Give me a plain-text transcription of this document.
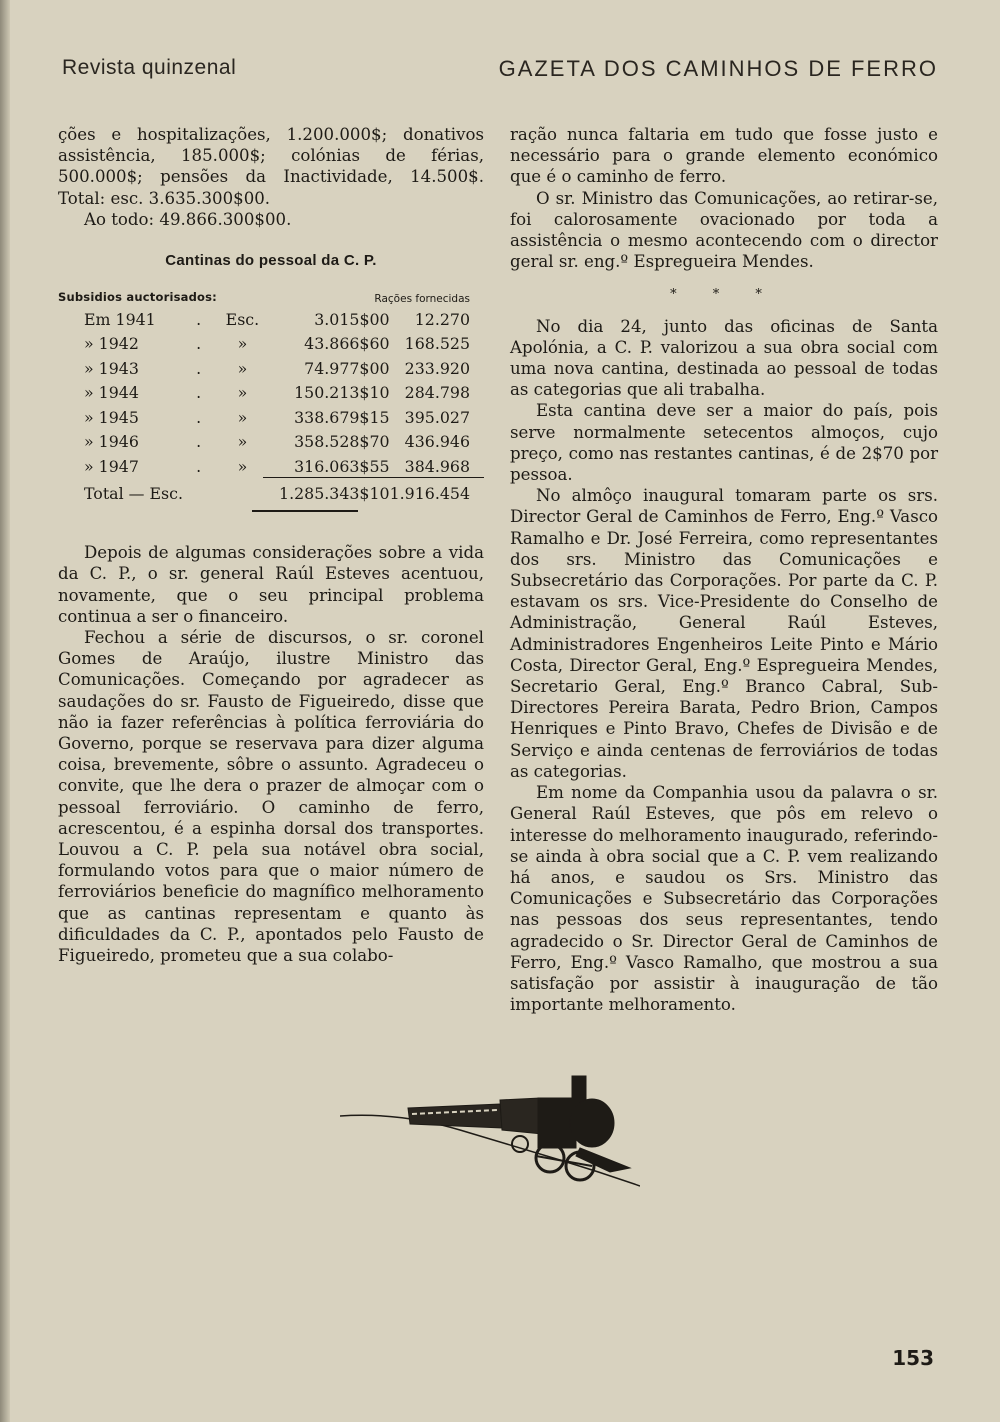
Revista quinzenal	GAZETA DOS CAMINHOS DE FERRO

ções e hospitalizações, 1.200.000$; donativos assistência, 185.000$; colónias de férias, 500.000$; pensões da Inactividade, 14.500$. Total: esc. 3.635.300$00.

Ao todo: 49.866.300$00.

Cantinas do pessoal da C. P.
Subsidios auctorisados:	Rações fornecidas
Em 1941	.	Esc.	3.015$00	12.270
» 1942	.	»	43.866$60	168.525
» 1943	.	»	74.977$00	233.920
» 1944	.	»	150.213$10	284.798
» 1945	.	»	338.679$15	395.027
» 1946	.	»	358.528$70	436.946
» 1947	.	»	316.063$55	384.968
Total — Esc.			1.285.343$10	1.916.454

Depois de algumas considerações sobre a vida da C. P., o sr. general Raúl Esteves acentuou, novamente, que o seu principal problema continua a ser o financeiro.

Fechou a série de discursos, o sr. coronel Gomes de Araújo, ilustre Ministro das Comunicações. Começando por agradecer as saudações do sr. Fausto de Figueiredo, disse que não ia fazer referências à política ferroviária do Governo, porque se reservava para dizer alguma coisa, brevemente, sôbre o assunto. Agradeceu o convite, que lhe dera o prazer de almoçar com o pessoal ferroviário. O caminho de ferro, acrescentou, é a espinha dorsal dos transportes. Louvou a C. P. pela sua notável obra social, formulando votos para que o maior número de ferroviários beneficie do magnífico melhoramento que as cantinas representam e quanto às dificuldades da C. P., apontados pelo Fausto de Figueiredo, prometeu que a sua colabo-

ração nunca faltaria em tudo que fosse justo e necessário para o grande elemento económico que é o caminho de ferro.

O sr. Ministro das Comunicações, ao retirar-se, foi calorosamente ovacionado por toda a assistência o mesmo acontecendo com o director geral sr. eng.º Espregueira Mendes.

* * *

No dia 24, junto das oficinas de Santa Apolónia, a C. P. valorizou a sua obra social com uma nova cantina, destinada ao pessoal de todas as categorias que ali trabalha.

Esta cantina deve ser a maior do país, pois serve normalmente setecentos almoços, cujo preço, como nas restantes cantinas, é de 2$70 por pessoa.

No almôço inaugural tomaram parte os srs. Director Geral de Caminhos de Ferro, Eng.º Vasco Ramalho e Dr. José Ferreira, como representantes dos srs. Ministro das Comunicações e Subsecretário das Corporações. Por parte da C. P. estavam os srs. Vice-Presidente do Conselho de Administração, General Raúl Esteves, Administradores Engenheiros Leite Pinto e Mário Costa, Director Geral, Eng.º Espregueira Mendes, Secretario Geral, Eng.º Branco Cabral, Sub-Directores Pereira Barata, Pedro Brion, Campos Henriques e Pinto Bravo, Chefes de Divisão e de Serviço e ainda centenas de ferroviários de todas as categorias.

Em nome da Companhia usou da palavra o sr. General Raúl Esteves, que pôs em relevo o interesse do melhoramento inaugurado, referindo-se ainda à obra social que a C. P. vem realizando há anos, e saudou os Srs. Ministro das Comunicações e Subsecretário das Corporações nas pessoas dos seus representantes, tendo agradecido o Sr. Director Geral de Caminhos de Ferro, Eng.º Vasco Ramalho, que mostrou a sua satisfação por assistir à inauguração de tão importante melhoramento.

153
